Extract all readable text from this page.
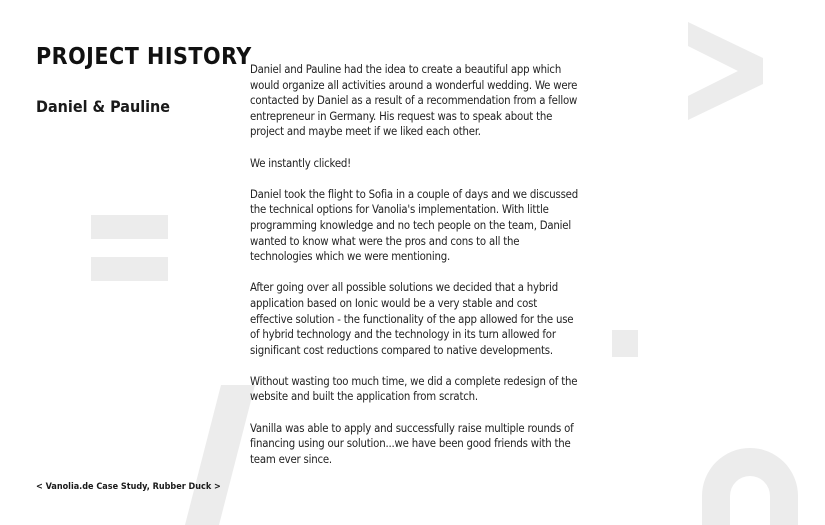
PROJECT HISTORY
Daniel & Pauline

Daniel and Pauline had the idea to create a beautiful app which would organize all activities around a wonderful wedding. We were contacted by Daniel as a result of a recommendation from a fellow entrepreneur in Germany. His request was to speak about the project and maybe meet if we liked each other.

We instantly clicked!

Daniel took the flight to Sofia in a couple of days and we discussed the technical options for Vanolia's implementation. With little programming knowledge and no tech people on the team, Daniel wanted to know what were the pros and cons to all the technologies which we were mentioning.

After going over all possible solutions we decided that a hybrid application based on Ionic would be a very stable and cost effective solution - the functionality of the app allowed for the use of hybrid technology and the technology in its turn allowed for significant cost reductions compared to native developments.

Without wasting too much time, we did a complete redesign of the website and built the application from scratch.

Vanilla was able to apply and successfully raise multiple rounds of financing using our solution...we have been good friends with the team ever since.

< Vanolia.de Case Study, Rubber Duck >
